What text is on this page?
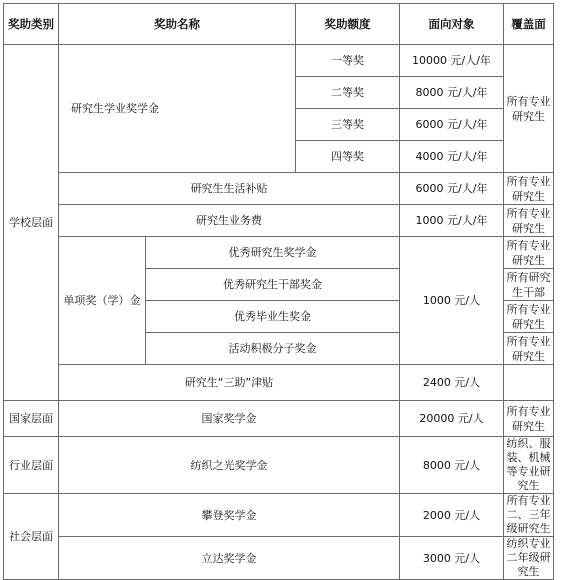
奖助类别	奖助名称		奖助额度	面向对象	覆盖面	
学校层面	研究生学业奖学金		一等奖	10000 元/人/年	所有专业研究生	
			二等奖	8000 元/人/年	
			三等奖	6000 元/人/年	
			四等奖	4000 元/人/年	
	研究生生活补贴			6000 元/人/年	所有专业研究生	
	研究生业务费			1000 元/人/年	所有专业研究生	
	单项奖（学）金	优秀研究生奖学金		1000 元/人	所有专业研究生	
		优秀研究生干部奖金			所有研究生干部	
		优秀毕业生奖金			所有专业研究生	
		活动积极分子奖金			所有专业研究生	
	研究生“三助”津贴			2400 元/人		
国家层面	国家奖学金			20000 元/人	所有专业研究生	
行业层面	纺织之光奖学金			8000 元/人	纺织、服装、机械等专业研究生	
社会层面	攀登奖学金			2000 元/人	所有专业二、三年级研究生	
	立达奖学金			3000 元/人	纺织专业二年级研究生	
